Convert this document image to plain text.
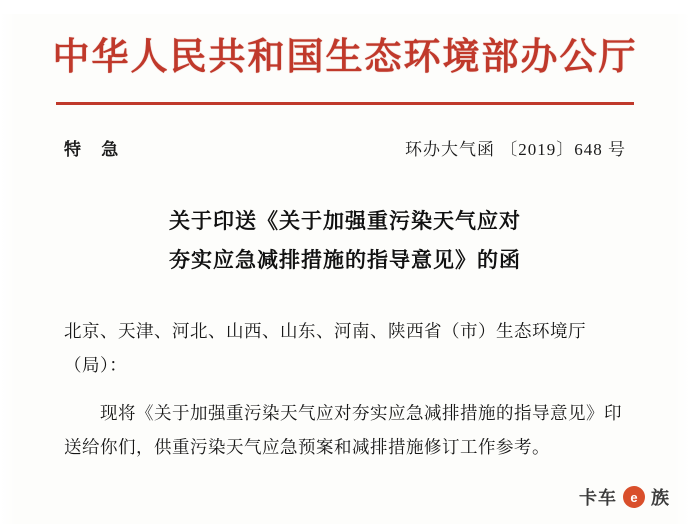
中华人民共和国生态环境部办公厅
特 急	环办大气函 〔2019〕648 号
关于印送《关于加强重污染天气应对
夯实应急减排措施的指导意见》的函
北京、天津、河北、山西、山东、河南、陕西省（市）生态环境厅（局）：
现将《关于加强重污染天气应对夯实应急减排措施的指导意见》印送给你们，供重污染天气应急预案和减排措施修订工作参考。
卡车	e 族
